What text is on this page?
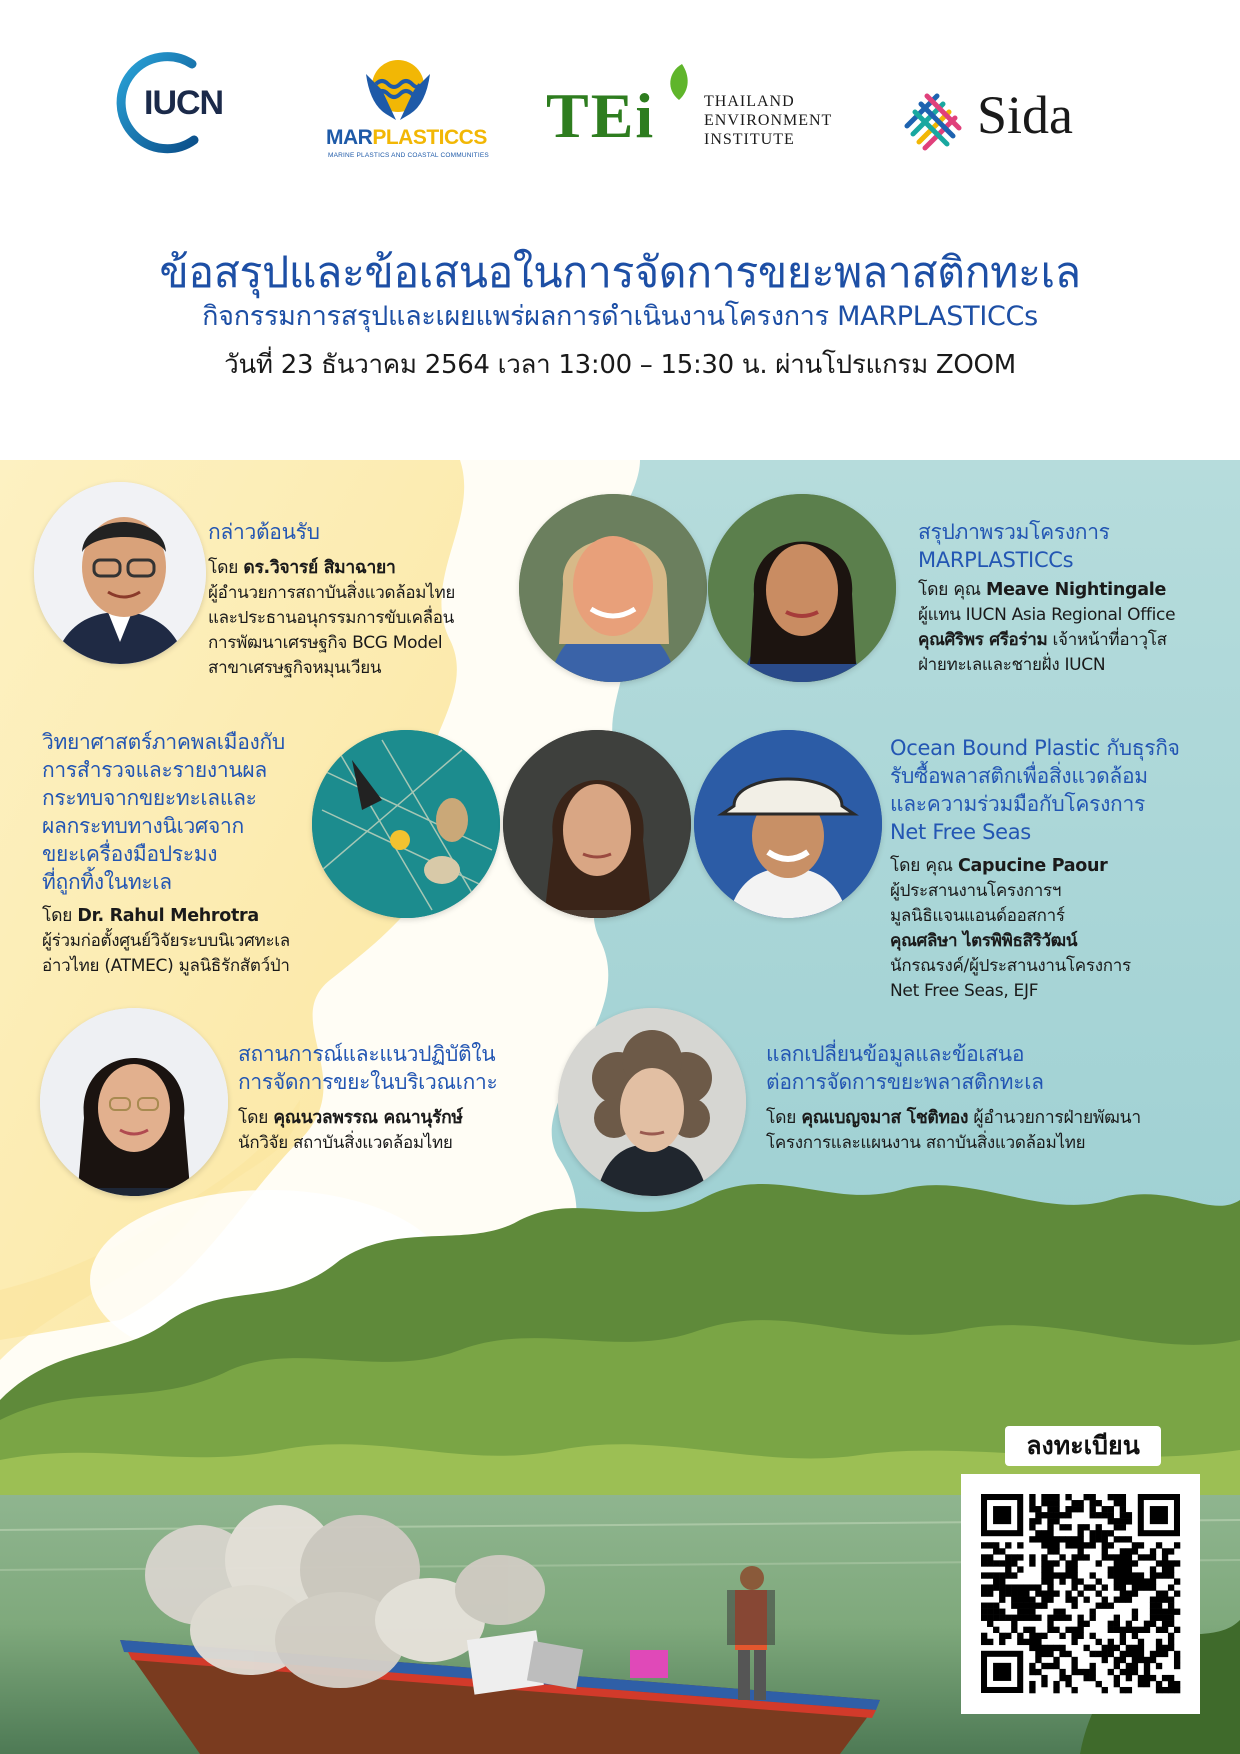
IUCN
MARPLASTICCS
MARINE PLASTICS AND COASTAL COMMUNITIES
TEi	THAILAND
ENVIRONMENT
INSTITUTE	Sida
ข้อสรุปและข้อเสนอในการจัดการขยะพลาสติกทะเล
กิจกรรมการสรุปและเผยแพร่ผลการดำเนินงานโครงการ MARPLASTICCs
วันที่ 23 ธันวาคม 2564 เวลา 13:00 – 15:30 น. ผ่านโปรแกรม ZOOM
กล่าวต้อนรับ
โดย ดร.วิจารย์ สิมาฉายา
ผู้อำนวยการสถาบันสิ่งแวดล้อมไทย
และประธานอนุกรรมการขับเคลื่อน
การพัฒนาเศรษฐกิจ BCG Model
สาขาเศรษฐกิจหมุนเวียน
สรุปภาพรวมโครงการ
MARPLASTICCs
โดย คุณ Meave Nightingale
ผู้แทน IUCN Asia Regional Office
คุณศิริพร ศรีอร่าม เจ้าหน้าที่อาวุโส
ฝ่ายทะเลและชายฝั่ง IUCN
วิทยาศาสตร์ภาคพลเมืองกับ
การสำรวจและรายงานผล
กระทบจากขยะทะเลและ
ผลกระทบทางนิเวศจาก
ขยะเครื่องมือประมง
ที่ถูกทิ้งในทะเล
โดย Dr. Rahul Mehrotra
ผู้ร่วมก่อตั้งศูนย์วิจัยระบบนิเวศทะเล
อ่าวไทย (ATMEC) มูลนิธิรักสัตว์ป่า
Ocean Bound Plastic กับธุรกิจ
รับซื้อพลาสติกเพื่อสิ่งแวดล้อม
และความร่วมมือกับโครงการ
Net Free Seas
โดย คุณ Capucine Paour
ผู้ประสานงานโครงการฯ
มูลนิธิแจนแอนด์ออสการ์
คุณศลิษา ไตรพิพิธสิริวัฒน์
นักรณรงค์/ผู้ประสานงานโครงการ
Net Free Seas, EJF
สถานการณ์และแนวปฏิบัติใน
การจัดการขยะในบริเวณเกาะ
โดย คุณนวลพรรณ คณานุรักษ์
นักวิจัย สถาบันสิ่งแวดล้อมไทย
แลกเปลี่ยนข้อมูลและข้อเสนอ
ต่อการจัดการขยะพลาสติกทะเล
โดย คุณเบญจมาส โชติทอง ผู้อำนวยการฝ่ายพัฒนา
โครงการและแผนงาน สถาบันสิ่งแวดล้อมไทย
ลงทะเบียน
